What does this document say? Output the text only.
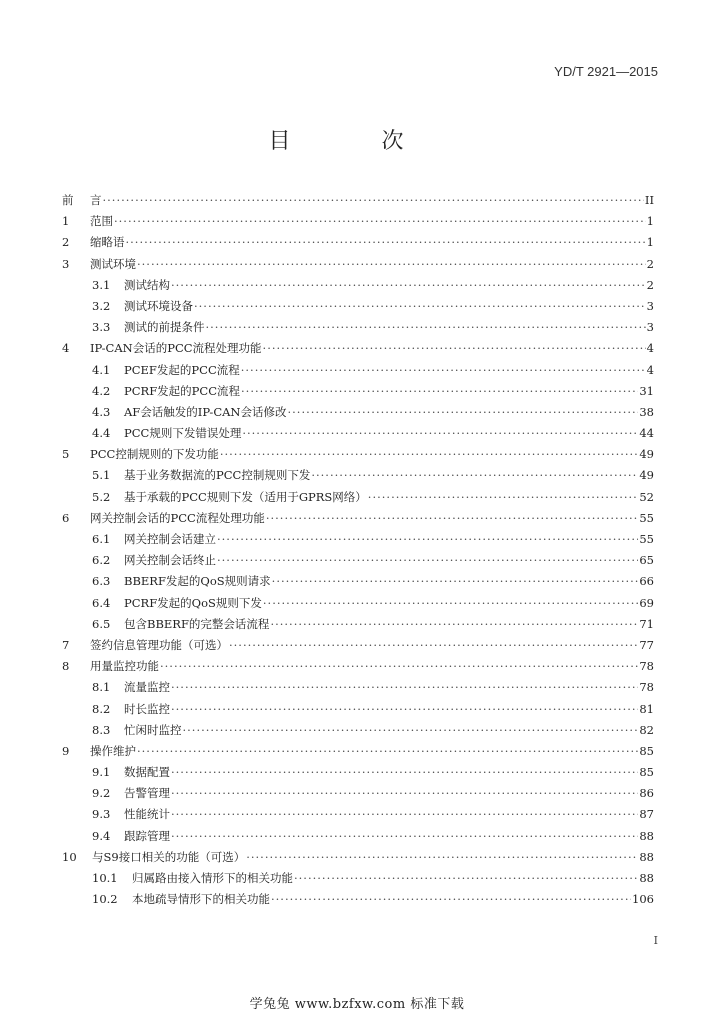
YD/T 2921—2015
目 次
前	言 ·····	II
1	范围 ·····	1
2	缩略语 ·····	1
3	测试环境 ·····	2
3.1	测试结构 ·····	2
3.2	测试环境设备 ·····	3
3.3	测试的前提条件 ·····	3
4	IP-CAN会话的PCC流程处理功能 ·····	4
4.1	PCEF发起的PCC流程 ·····	4
4.2	PCRF发起的PCC流程 ·····	31
4.3	AF会话触发的IP-CAN会话修改 ·····	38
4.4	PCC规则下发错误处理 ·····	44
5	PCC控制规则的下发功能 ·····	49
5.1	基于业务数据流的PCC控制规则下发 ·····	49
5.2	基于承载的PCC规则下发（适用于GPRS网络） ·····	52
6	网关控制会话的PCC流程处理功能 ·····	55
6.1	网关控制会话建立 ·····	55
6.2	网关控制会话终止 ·····	65
6.3	BBERF发起的QoS规则请求 ·····	66
6.4	PCRF发起的QoS规则下发 ·····	69
6.5	包含BBERF的完整会话流程 ·····	71
7	签约信息管理功能（可选） ·····	77
8	用量监控功能 ·····	78
8.1	流量监控 ·····	78
8.2	时长监控 ·····	81
8.3	忙闲时监控 ·····	82
9	操作维护 ·····	85
9.1	数据配置 ·····	85
9.2	告警管理 ·····	86
9.3	性能统计 ·····	87
9.4	跟踪管理 ·····	88
10	与S9接口相关的功能（可选） ·····	88
10.1	归属路由接入情形下的相关功能 ·····	88
10.2	本地疏导情形下的相关功能 ·····	106
I
学兔兔 www.bzfxw.com 标准下载
